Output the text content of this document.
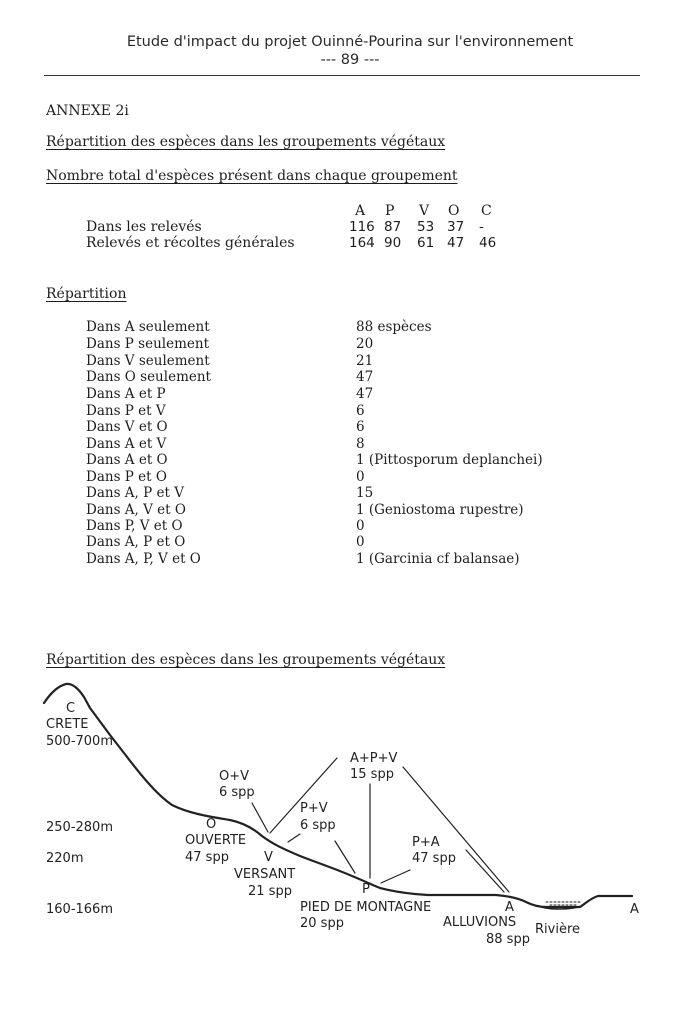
Etude d'impact du projet Ouinné-Pourina sur l'environnement
--- 89 ---
ANNEXE 2i
Répartition des espèces dans les groupements végétaux
Nombre total d'espèces présent dans chaque groupement
A P V O C
Dans les relevés	116 87 53 37 -
Relevés et récoltes générales	164 90 61 47 46
Répartition
Dans A seulement	88 espèces
Dans P seulement	20
Dans V seulement	21
Dans O seulement	47
Dans A et P	47
Dans P et V	6
Dans V et O	6
Dans A et V	8
Dans A et O	1 (Pittosporum deplanchei)
Dans P et O	0
Dans A, P et V	15
Dans A, V et O	1 (Geniostoma rupestre)
Dans P, V et O	0
Dans A, P et O	0
Dans A, P, V et O	1 (Garcinia cf balansae)
Répartition des espèces dans les groupements végétaux
500-700m
250-280m
220m
160-166m
C
CRETE
O
OUVERTE
47 spp	V
VERSANT
21 spp	P
PIED DE MONTAGNE
20 spp
A
ALLUVIONS
88 spp
Rivière
A
O+V
6 spp
P+V
6 spp
A+P+V
15 spp
P+A
47 spp
